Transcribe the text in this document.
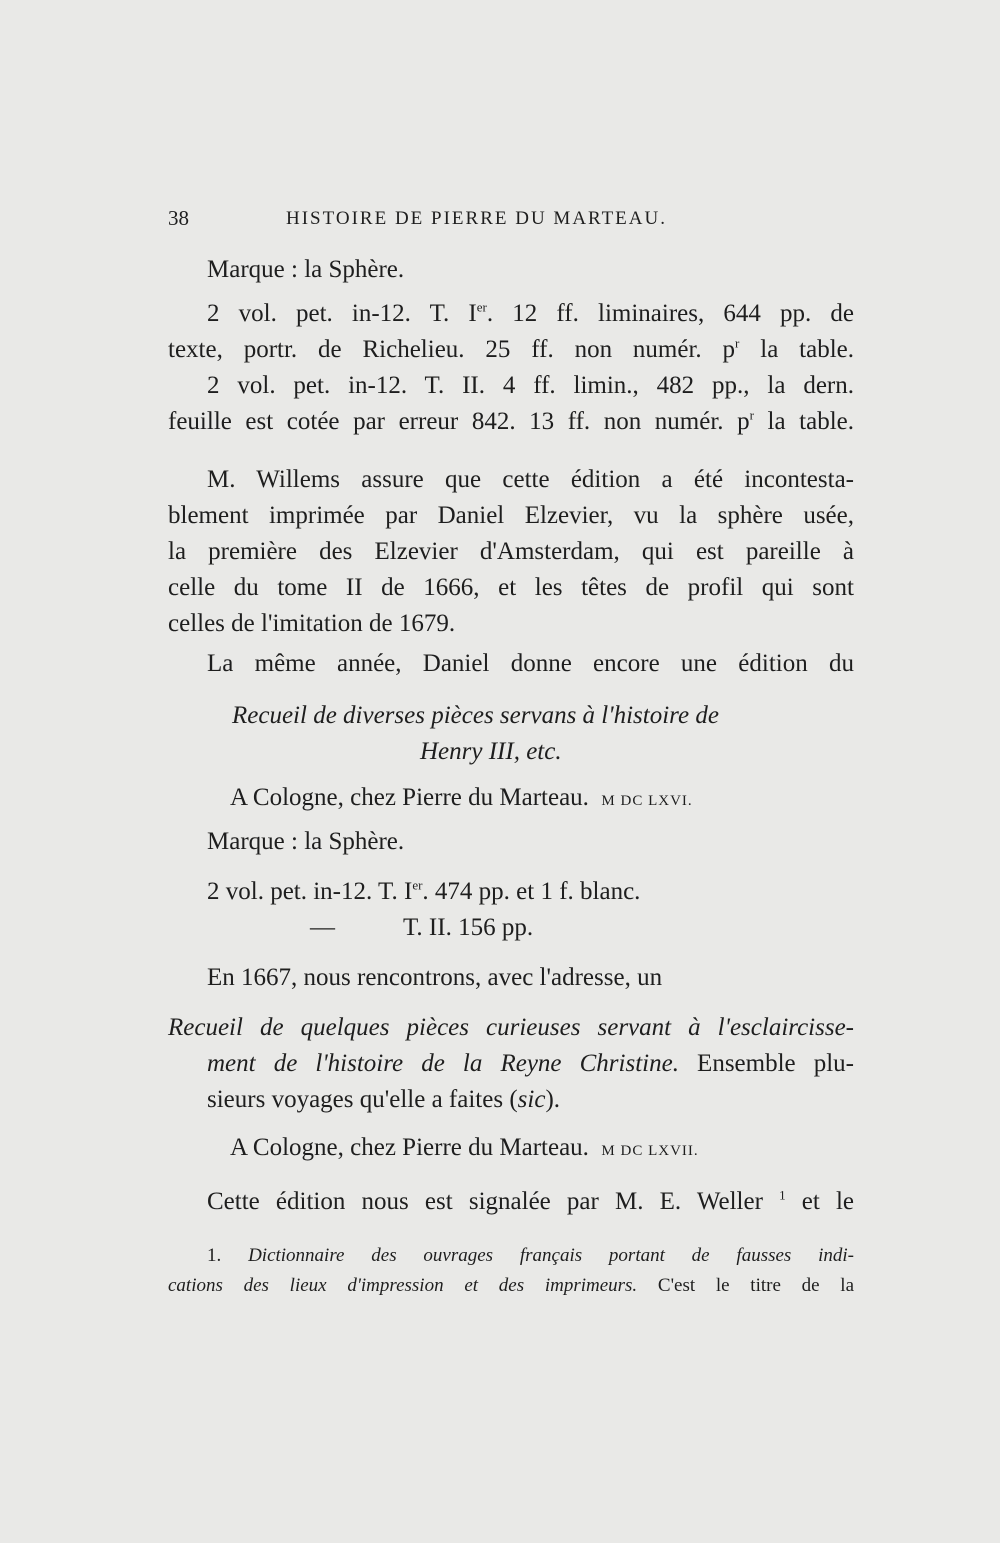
38	HISTOIRE DE PIERRE DU MARTEAU.
Marque : la Sphère.
2 vol. pet. in-12. T. Ier. 12 ff. liminaires, 644 pp. de
texte, portr. de Richelieu. 25 ff. non numér. $p^r$ la table.
2 vol. pet. in-12. T. II. 4 ff. limin., 482 pp., la dern.
feuille est cotée par erreur 842. 13 ff. non numér. $p^r$ la table.
M. Willems assure que cette édition a été incontesta-
blement imprimée par Daniel Elzevier, vu la sphère usée,
la première des Elzevier d'Amsterdam, qui est pareille à
celle du tome II de 1666, et les têtes de profil qui sont
celles de l'imitation de 1679.
La même année, Daniel donne encore une édition du
Recueil de diverses pièces servans à l'histoire de
Henry III, etc.
A Cologne, chez Pierre du Marteau. M DC LXVI.
Marque : la Sphère.
2 vol. pet. in-12. T. Ier. 474 pp. et 1 f. blanc.
—	T. II. 156 pp.
En 1667, nous rencontrons, avec l'adresse, un
Recueil de quelques pièces curieuses servant à l'esclaircisse-
ment de l'histoire de la Reyne Christine. Ensemble plu-
sieurs voyages qu'elle a faites (sic).
A Cologne, chez Pierre du Marteau. M DC LXVII.
Cette édition nous est signalée par M. E. Weller $^1$ et le
1. Dictionnaire des ouvrages français portant de fausses indi-
cations des lieux d'impression et des imprimeurs. C'est le titre de la
